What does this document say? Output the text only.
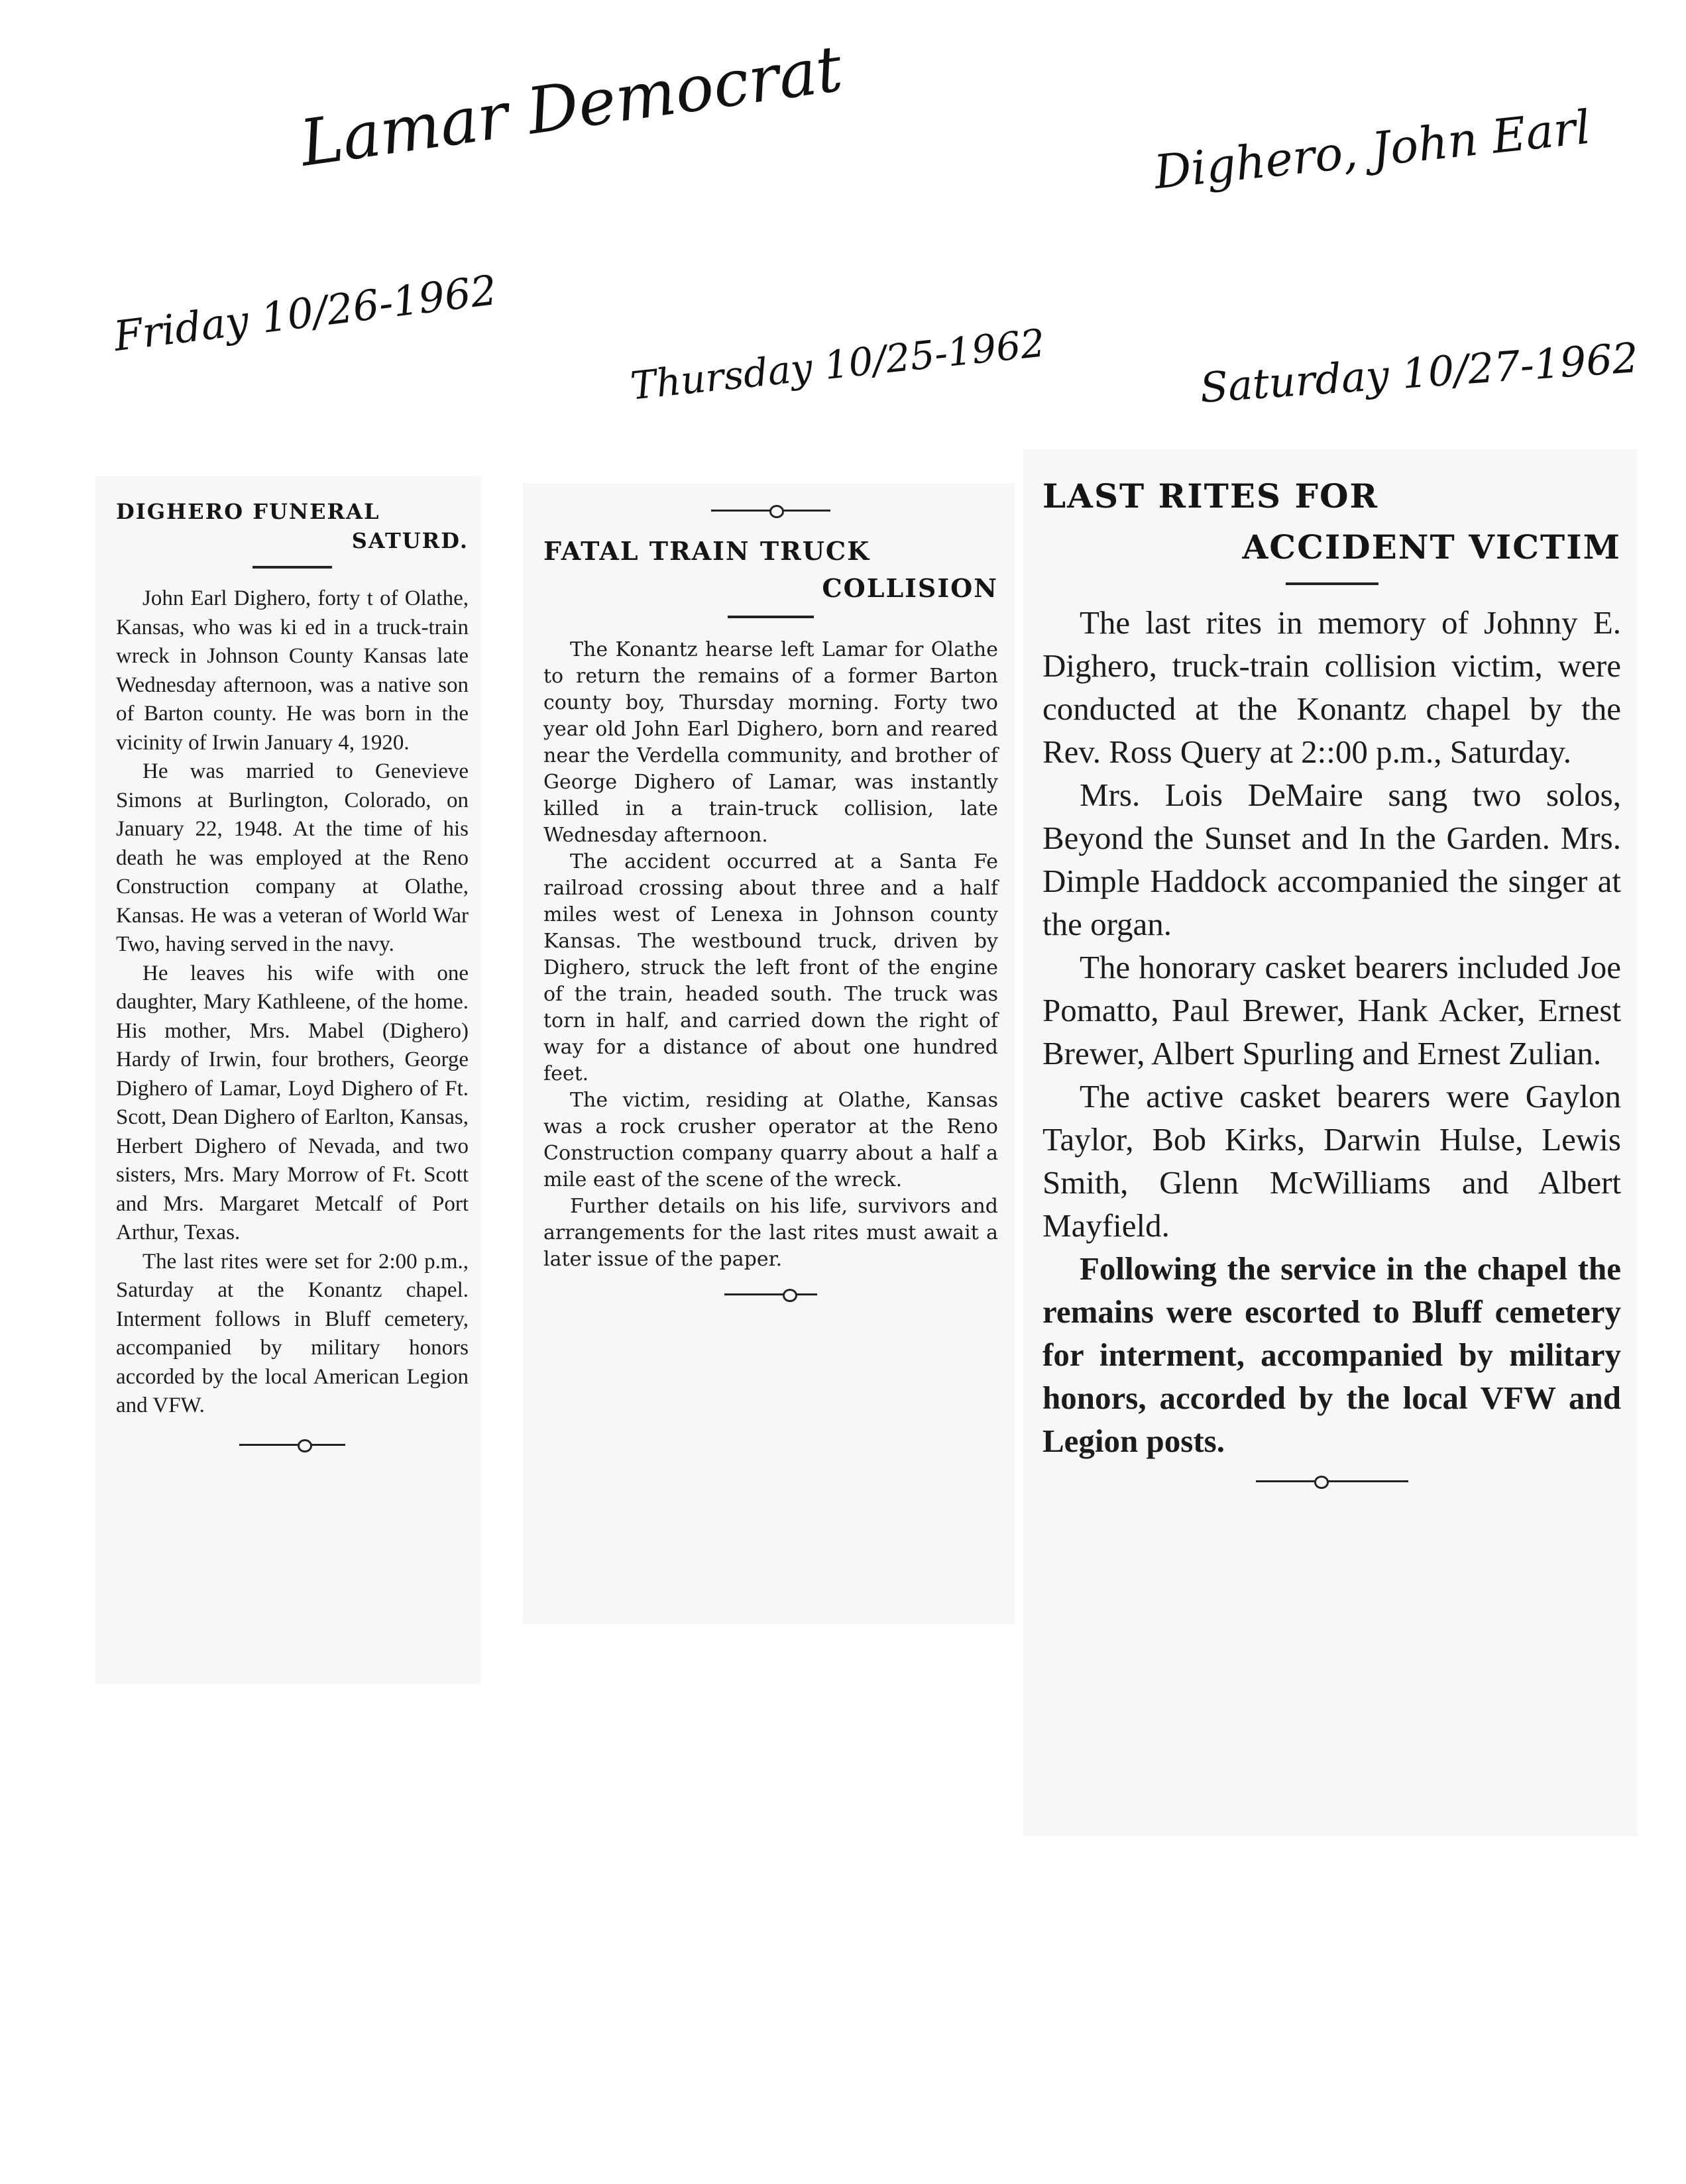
Lamar Democrat	Dighero, John Earl
Friday 10/26-1962
Thursday 10/25-1962	Saturday 10/27-1962
DIGHERO FUNERAL
SATURD.

John Earl Dighero, forty t of Olathe, Kansas, who was ki ed in a truck-train wreck in Johnson County Kansas late Wednesday afternoon, was a native son of Barton county. He was born in the vicinity of Irwin January 4, 1920.

He was married to Genevieve Simons at Burlington, Colorado, on January 22, 1948. At the time of his death he was employed at the Reno Construction company at Olathe, Kansas. He was a veteran of World War Two, having served in the navy.

He leaves his wife with one daughter, Mary Kathleene, of the home. His mother, Mrs. Mabel (Dighero) Hardy of Irwin, four brothers, George Dighero of Lamar, Loyd Dighero of Ft. Scott, Dean Dighero of Earlton, Kansas, Herbert Dighero of Nevada, and two sisters, Mrs. Mary Morrow of Ft. Scott and Mrs. Margaret Metcalf of Port Arthur, Texas.

The last rites were set for 2:00 p.m., Saturday at the Konantz chapel. Interment follows in Bluff cemetery, accompanied by military honors accorded by the local American Legion and VFW.

FATAL TRAIN TRUCK
COLLISION

The Konantz hearse left Lamar for Olathe to return the remains of a former Barton county boy, Thursday morning. Forty two year old John Earl Dighero, born and reared near the Verdella community, and brother of George Dighero of Lamar, was instantly killed in a train-truck collision, late Wednesday afternoon.

The accident occurred at a Santa Fe railroad crossing about three and a half miles west of Lenexa in Johnson county Kansas. The westbound truck, driven by Dighero, struck the left front of the engine of the train, headed south. The truck was torn in half, and carried down the right of way for a distance of about one hundred feet.

The victim, residing at Olathe, Kansas was a rock crusher operator at the Reno Construction company quarry about a half a mile east of the scene of the wreck.

Further details on his life, survivors and arrangements for the last rites must await a later issue of the paper.

LAST RITES FOR
ACCIDENT VICTIM

The last rites in memory of Johnny E. Dighero, truck-train collision victim, were conducted at the Konantz chapel by the Rev. Ross Query at 2::00 p.m., Saturday.

Mrs. Lois DeMaire sang two solos, Beyond the Sunset and In the Garden. Mrs. Dimple Haddock accompanied the singer at the organ.

The honorary casket bearers included Joe Pomatto, Paul Brewer, Hank Acker, Ernest Brewer, Albert Spurling and Ernest Zulian.

The active casket bearers were Gaylon Taylor, Bob Kirks, Darwin Hulse, Lewis Smith, Glenn McWilliams and Albert Mayfield.

Following the service in the chapel the remains were escorted to Bluff cemetery for interment, accompanied by military honors, accorded by the local VFW and Legion posts.
